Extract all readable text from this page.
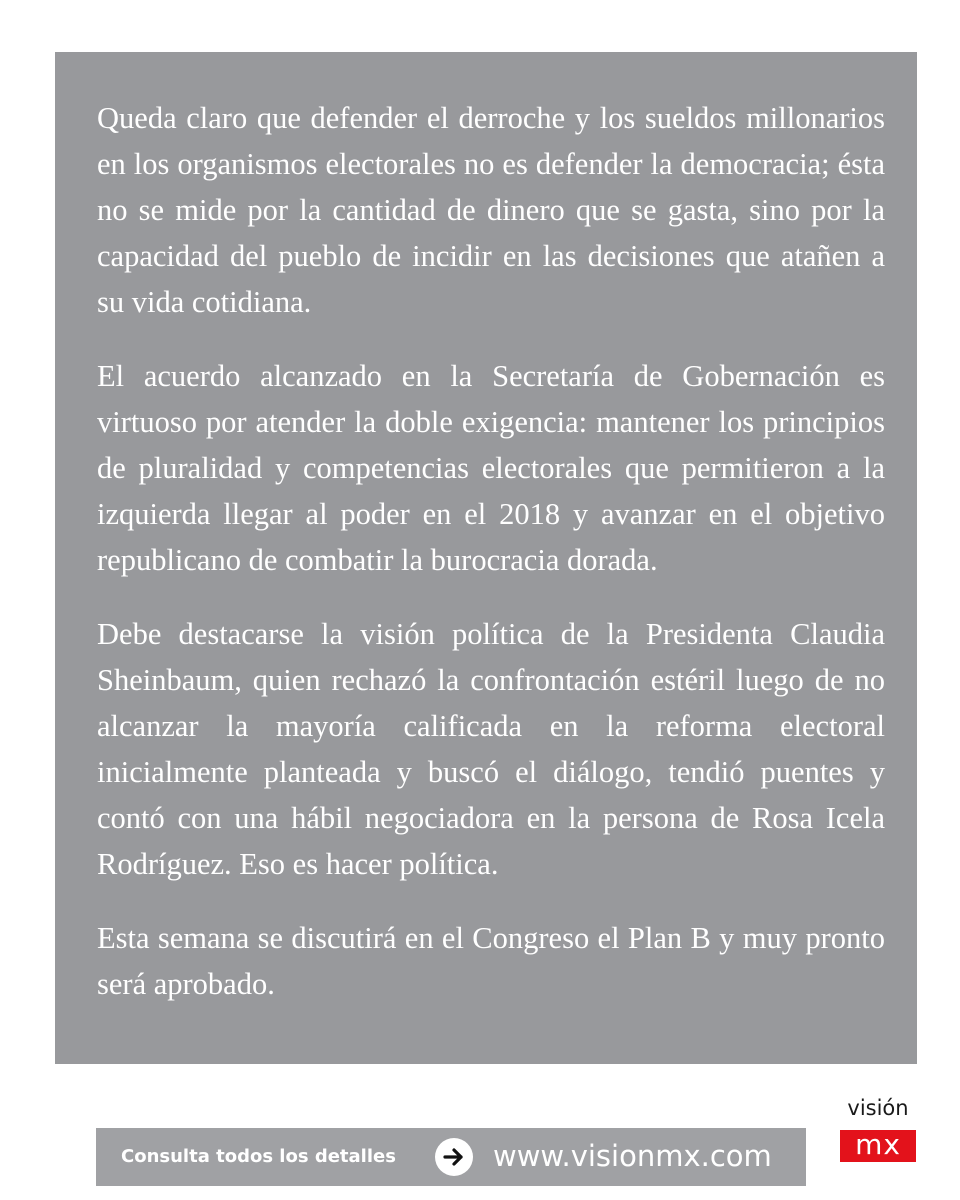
Queda claro que defender el derroche y los sueldos millonarios en los organismos electorales no es defender la democracia; ésta no se mide por la cantidad de dinero que se gasta, sino por la capacidad del pueblo de incidir en las decisiones que atañen a su vida cotidiana.

El acuerdo alcanzado en la Secretaría de Gobernación es virtuoso por atender la doble exigencia: mantener los principios de pluralidad y competencias electorales que permitieron a la izquierda llegar al poder en el 2018 y avanzar en el objetivo republicano de combatir la burocracia dorada.

Debe destacarse la visión política de la Presidenta Claudia Sheinbaum, quien rechazó la confrontación estéril luego de no alcanzar la mayoría calificada en la reforma electoral inicialmente planteada y buscó el diálogo, tendió puentes y contó con una hábil negociadora en la persona de Rosa Icela Rodríguez. Eso es hacer política.

Esta semana se discutirá en el Congreso el Plan B y muy pronto será aprobado.

Consulta todos los detalles	www.visionmx.com
visión
mx
